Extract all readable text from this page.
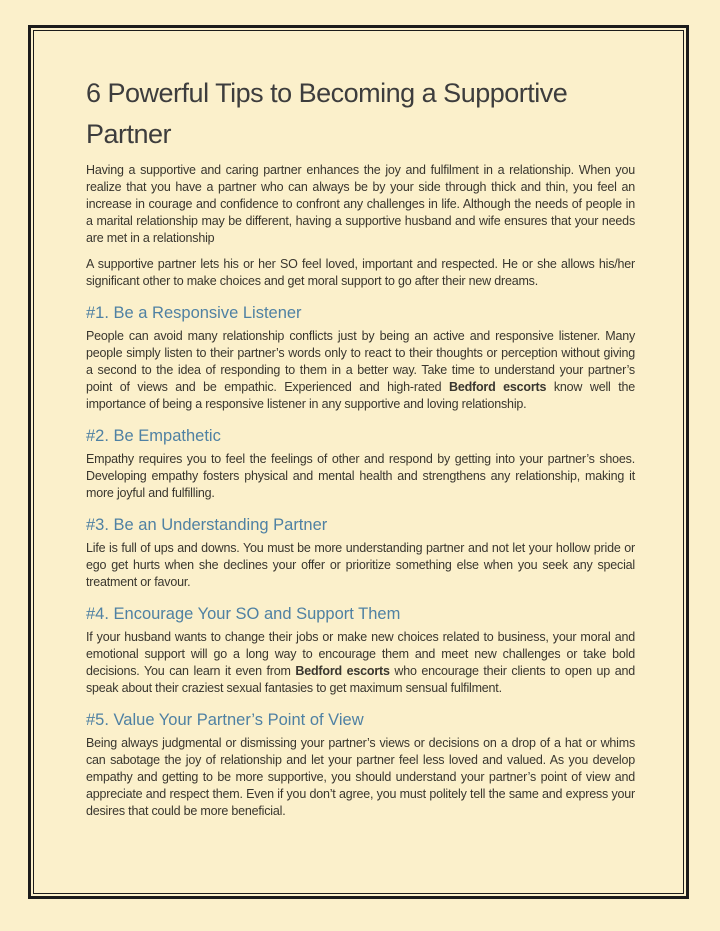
6 Powerful Tips to Becoming a Supportive Partner

Having a supportive and caring partner enhances the joy and fulfilment in a relationship. When you realize that you have a partner who can always be by your side through thick and thin, you feel an increase in courage and confidence to confront any challenges in life. Although the needs of people in a marital relationship may be different, having a supportive husband and wife ensures that your needs are met in a relationship

A supportive partner lets his or her SO feel loved, important and respected. He or she allows his/her significant other to make choices and get moral support to go after their new dreams.

#1. Be a Responsive Listener

People can avoid many relationship conflicts just by being an active and responsive listener. Many people simply listen to their partner’s words only to react to their thoughts or perception without giving a second to the idea of responding to them in a better way. Take time to understand your partner’s point of views and be empathic. Experienced and high-rated Bedford escorts know well the importance of being a responsive listener in any supportive and loving relationship.

#2. Be Empathetic

Empathy requires you to feel the feelings of other and respond by getting into your partner’s shoes. Developing empathy fosters physical and mental health and strengthens any relationship, making it more joyful and fulfilling.

#3. Be an Understanding Partner

Life is full of ups and downs. You must be more understanding partner and not let your hollow pride or ego get hurts when she declines your offer or prioritize something else when you seek any special treatment or favour.

#4. Encourage Your SO and Support Them

If your husband wants to change their jobs or make new choices related to business, your moral and emotional support will go a long way to encourage them and meet new challenges or take bold decisions. You can learn it even from Bedford escorts who encourage their clients to open up and speak about their craziest sexual fantasies to get maximum sensual fulfilment.

#5. Value Your Partner’s Point of View

Being always judgmental or dismissing your partner’s views or decisions on a drop of a hat or whims can sabotage the joy of relationship and let your partner feel less loved and valued. As you develop empathy and getting to be more supportive, you should understand your partner’s point of view and appreciate and respect them. Even if you don’t agree, you must politely tell the same and express your desires that could be more beneficial.
